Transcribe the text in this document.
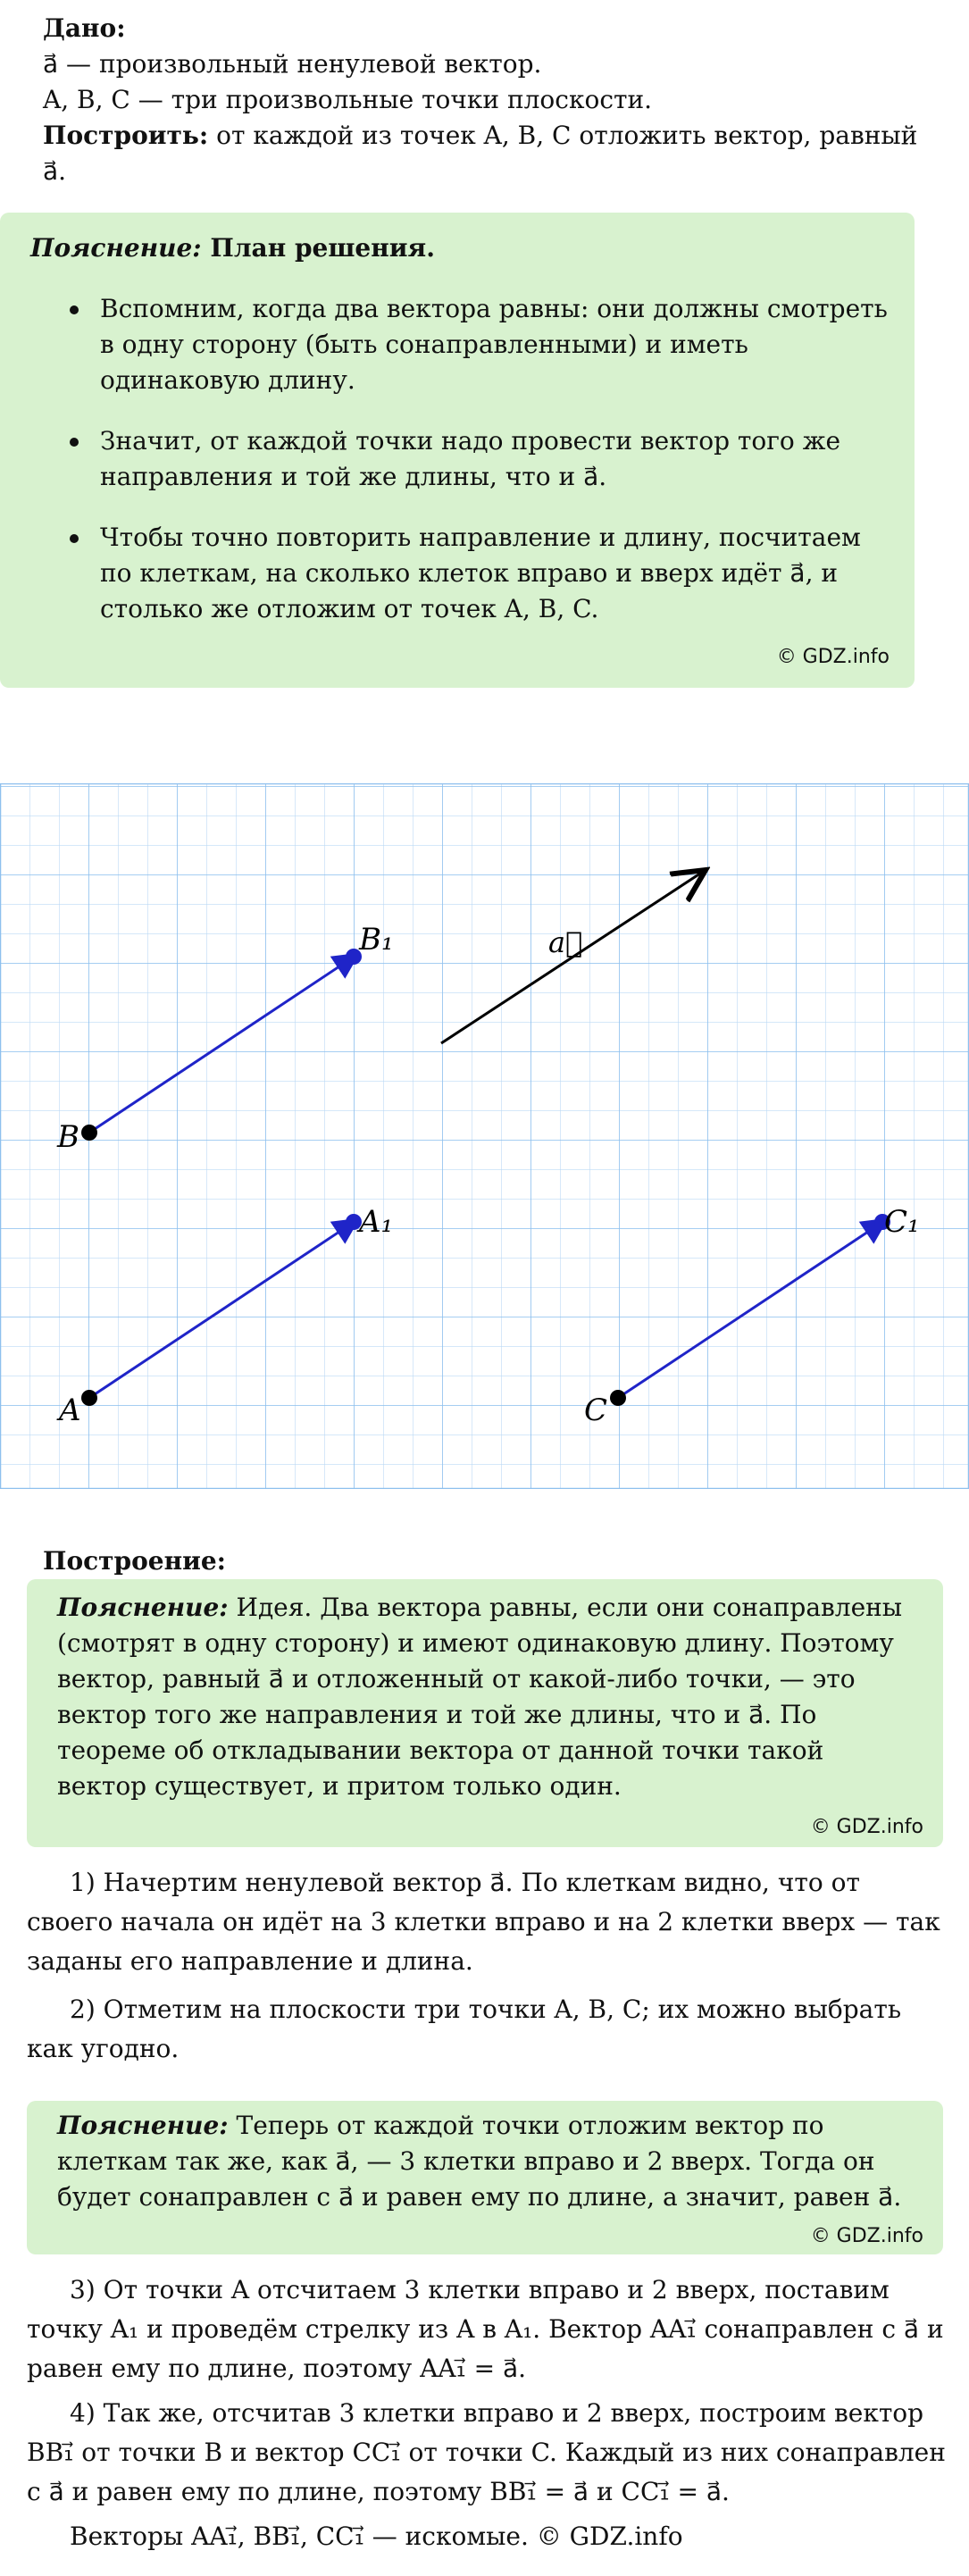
Дано:

a⃗ — произвольный ненулевой вектор.

A, B, C — три произвольные точки плоскости.

Построить: от каждой из точек A, B, C отложить вектор, равный a⃗.

Пояснение: План решения.

Вспомним, когда два вектора равны: они должны смотреть в одну сторону (быть сонаправленными) и иметь одинаковую длину.
Значит, от каждой точки надо провести вектор того же направления и той же длины, что и a⃗.
Чтобы точно повторить направление и длину, посчитаем по клеткам, на сколько клеток вправо и вверх идёт a⃗, и столько же отложим от точек A, B, C.
© GDZ.info
B
A	C
B₁
A₁	C₁
a⃗

Построение:

Пояснение: Идея. Два вектора равны, если они сонаправлены (смотрят в одну сторону) и имеют одинаковую длину. Поэтому вектор, равный a⃗ и отложенный от какой-либо точки, — это вектор того же направления и той же длины, что и a⃗. По теореме об откладывании вектора от данной точки такой вектор существует, и притом только один.

© GDZ.info

1) Начертим ненулевой вектор a⃗. По клеткам видно, что от своего начала он идёт на 3 клетки вправо и на 2 клетки вверх — так заданы его направление и длина.

2) Отметим на плоскости три точки A, B, C; их можно выбрать как угодно.

Пояснение: Теперь от каждой точки отложим вектор по клеткам так же, как a⃗, — 3 клетки вправо и 2 вверх. Тогда он будет сонаправлен с a⃗ и равен ему по длине, а значит, равен a⃗.

© GDZ.info

3) От точки A отсчитаем 3 клетки вправо и 2 вверх, поставим точку A₁ и проведём стрелку из A в A₁. Вектор AA₁⃗ сонаправлен с a⃗ и равен ему по длине, поэтому AA₁⃗ = a⃗.

4) Так же, отсчитав 3 клетки вправо и 2 вверх, построим вектор BB₁⃗ от точки B и вектор CC₁⃗ от точки C. Каждый из них сонаправлен с a⃗ и равен ему по длине, поэтому BB₁⃗ = a⃗ и CC₁⃗ = a⃗.

Векторы AA₁⃗, BB₁⃗, CC₁⃗ — искомые. © GDZ.info
